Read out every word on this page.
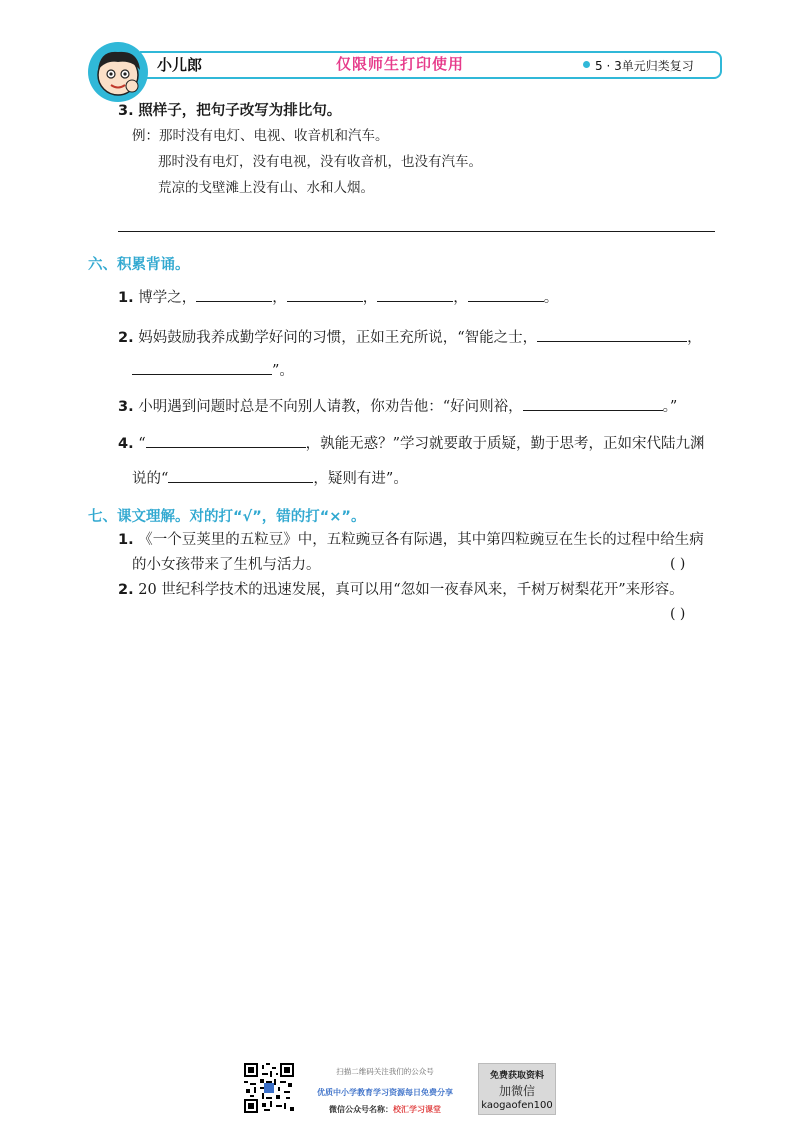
小儿郎	仅限师生打印使用	5 · 3单元归类复习
3. 照样子，把句子改写为排比句。
例：那时没有电灯、电视、收音机和汽车。
那时没有电灯，没有电视，没有收音机，也没有汽车。
荒凉的戈壁滩上没有山、水和人烟。
六、积累背诵。
1. 博学之，	，	，	，	。
2. 妈妈鼓励我养成勤学好问的习惯，正如王充所说，“智能之士，	，
”。
3. 小明遇到问题时总是不向别人请教，你劝告他：“好问则裕，	。”
4. “	，孰能无惑？”学习就要敢于质疑，勤于思考，正如宋代陆九渊
说的“	，疑则有进”。
七、课文理解。对的打“√”，错的打“×”。
1. 《一个豆荚里的五粒豆》中，五粒豌豆各有际遇，其中第四粒豌豆在生长的过程中给生病
的小女孩带来了生机与活力。	( )
2. 20 世纪科学技术的迅速发展，真可以用“忽如一夜春风来，千树万树梨花开”来形容。
( )
扫描二维码关注我们的公众号
优质中小学教育学习资源每日免费分享
微信公众号名称：校汇学习课堂
免费获取资料
加微信
kaogaofen100
